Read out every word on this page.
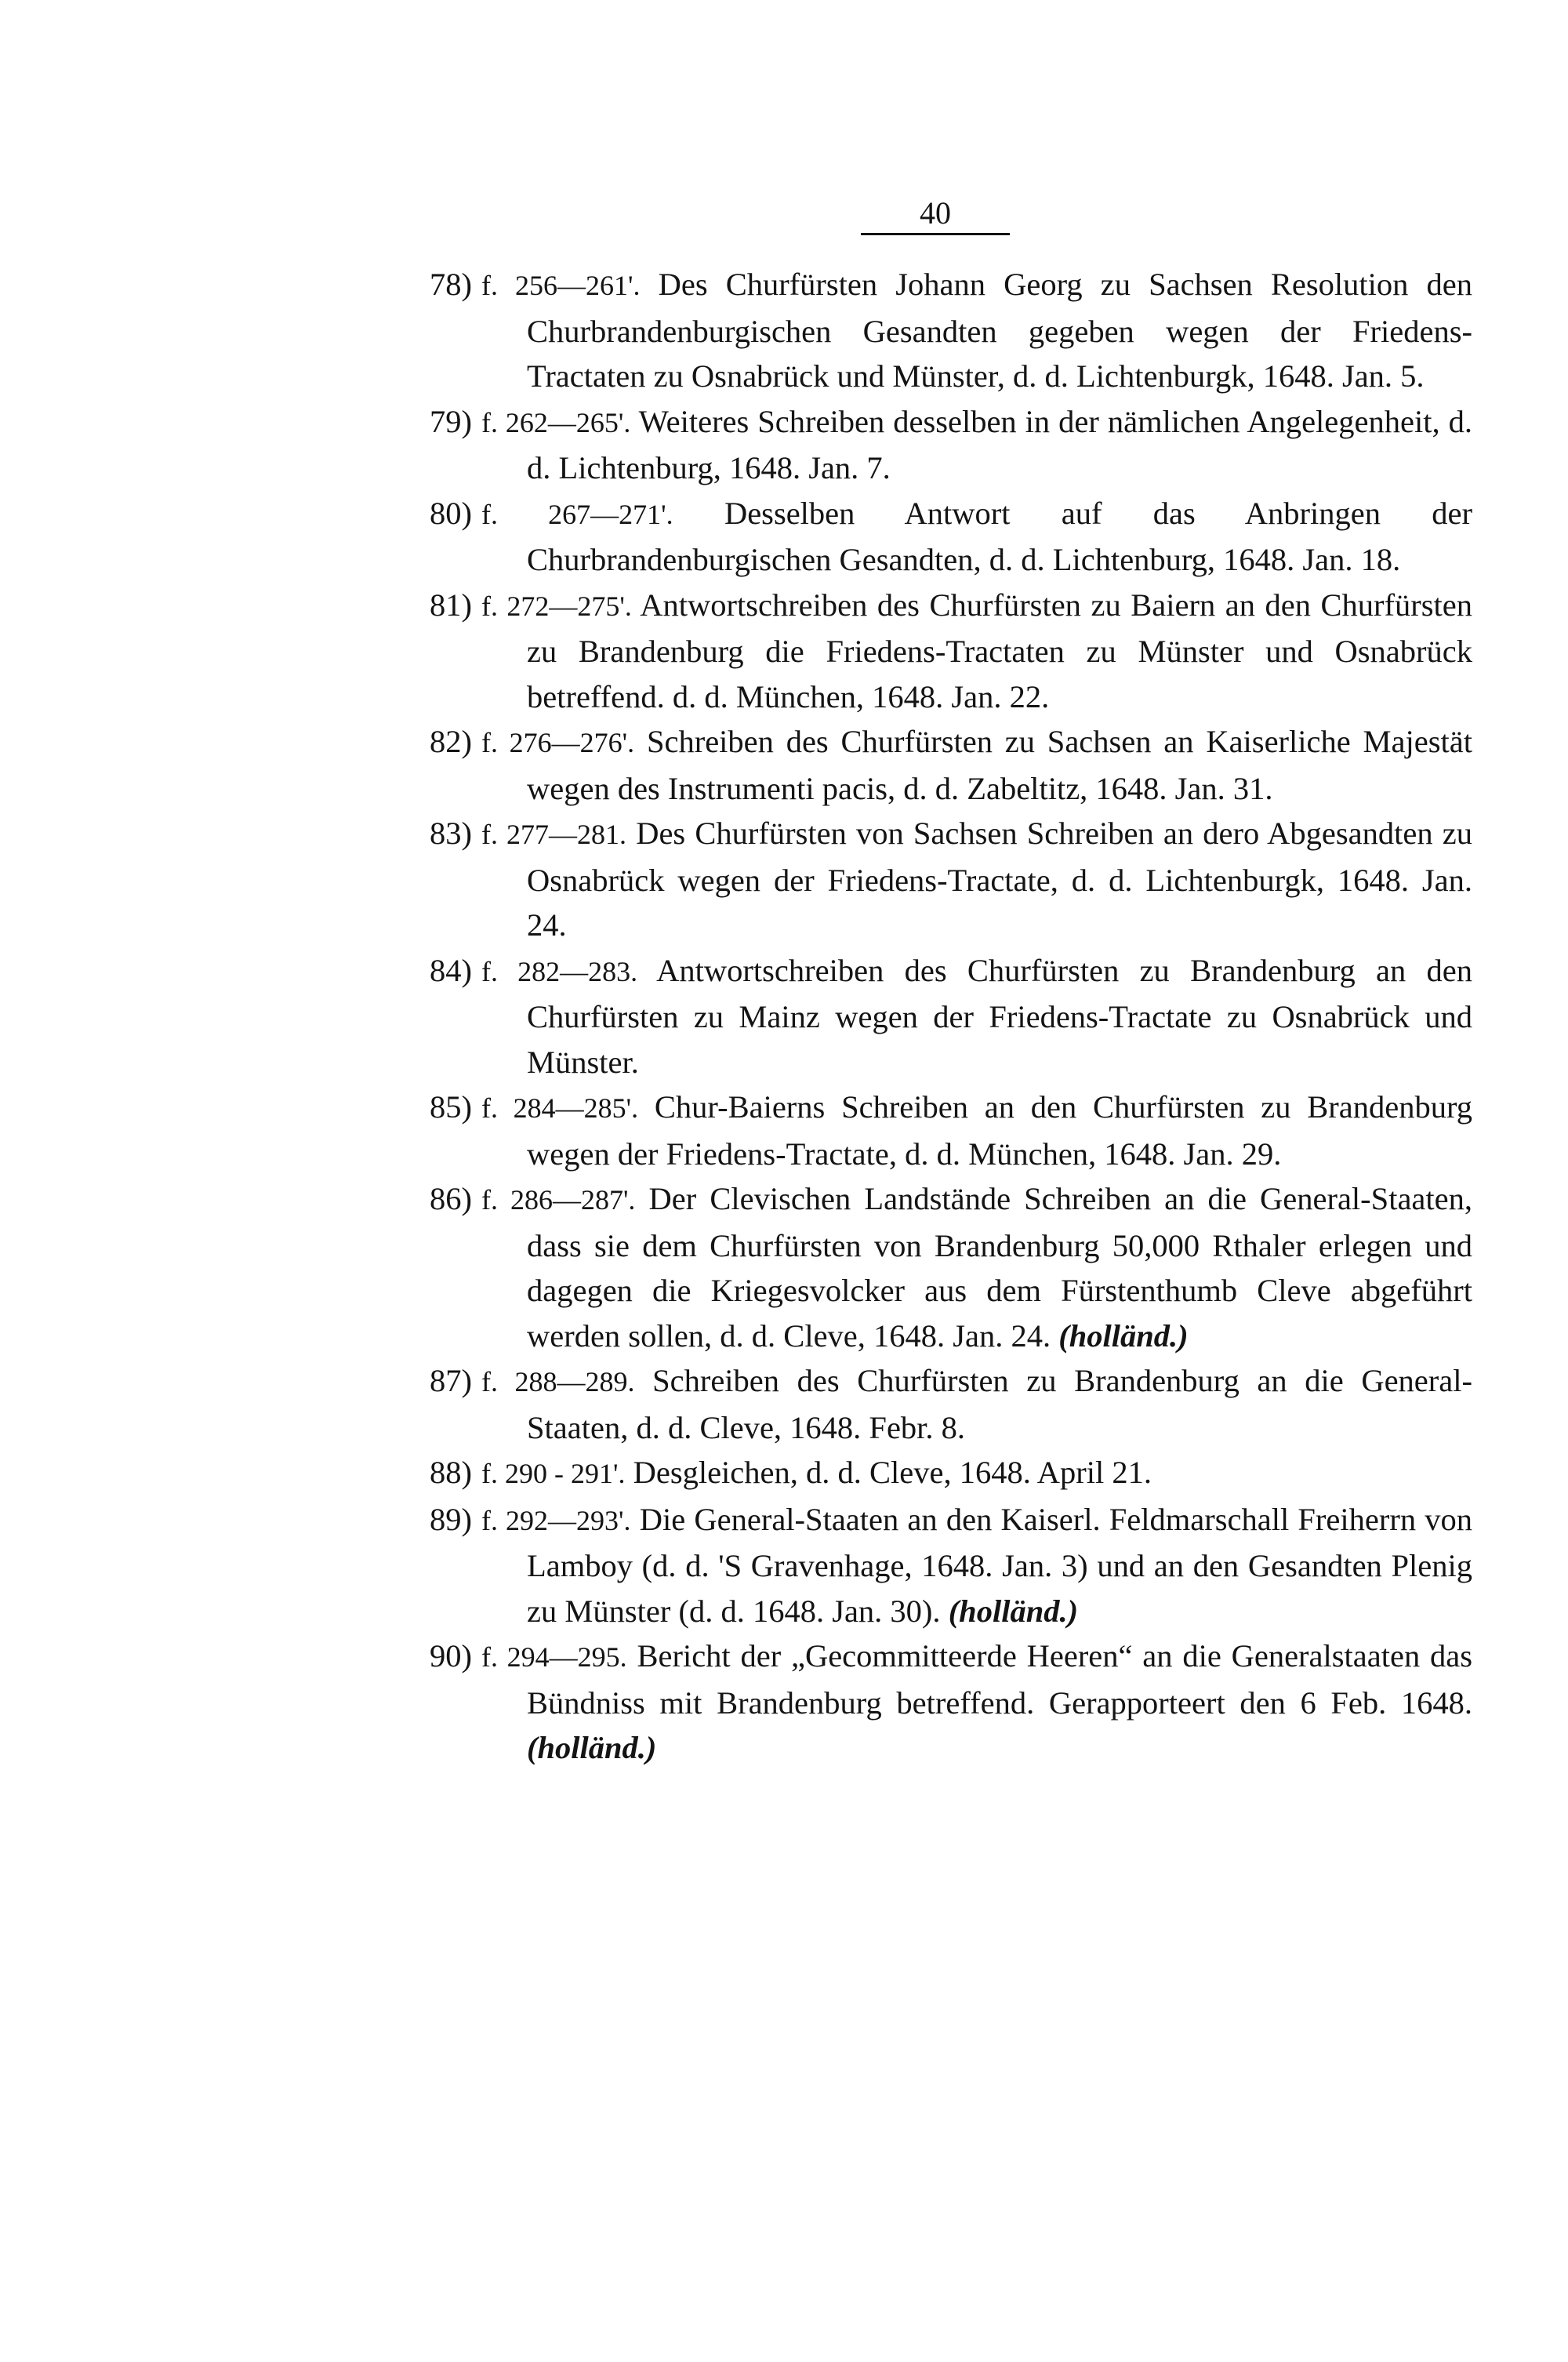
40
78) f. 256—261'. Des Churfürsten Johann Georg zu Sachsen Resolution den Churbrandenburgischen Gesandten gegeben wegen der Friedens-Tractaten zu Osnabrück und Münster, d. d. Lichtenburgk, 1648. Jan. 5.
79) f. 262—265'. Weiteres Schreiben desselben in der nämlichen Angelegenheit, d. d. Lichtenburg, 1648. Jan. 7.
80) f. 267—271'. Desselben Antwort auf das Anbringen der Churbrandenburgischen Gesandten, d. d. Lichtenburg, 1648. Jan. 18.
81) f. 272—275'. Antwortschreiben des Churfürsten zu Baiern an den Churfürsten zu Brandenburg die Friedens-Tractaten zu Münster und Osnabrück betreffend. d. d. München, 1648. Jan. 22.
82) f. 276—276'. Schreiben des Churfürsten zu Sachsen an Kaiserliche Majestät wegen des Instrumenti pacis, d. d. Zabeltitz, 1648. Jan. 31.
83) f. 277—281. Des Churfürsten von Sachsen Schreiben an dero Abgesandten zu Osnabrück wegen der Friedens-Tractate, d. d. Lichtenburgk, 1648. Jan. 24.
84) f. 282—283. Antwortschreiben des Churfürsten zu Brandenburg an den Churfürsten zu Mainz wegen der Friedens-Tractate zu Osnabrück und Münster.
85) f. 284—285'. Chur-Baierns Schreiben an den Churfürsten zu Brandenburg wegen der Friedens-Tractate, d. d. München, 1648. Jan. 29.
86) f. 286—287'. Der Clevischen Landstände Schreiben an die General-Staaten, dass sie dem Churfürsten von Brandenburg 50,000 Rthaler erlegen und dagegen die Kriegesvolcker aus dem Fürstenthumb Cleve abgeführt werden sollen, d. d. Cleve, 1648. Jan. 24. (holländ.)
87) f. 288—289. Schreiben des Churfürsten zu Brandenburg an die General-Staaten, d. d. Cleve, 1648. Febr. 8.
88) f. 290 - 291'. Desgleichen, d. d. Cleve, 1648. April 21.
89) f. 292—293'. Die General-Staaten an den Kaiserl. Feldmarschall Freiherrn von Lamboy (d. d. 'S Gravenhage, 1648. Jan. 3) und an den Gesandten Plenig zu Münster (d. d. 1648. Jan. 30). (holländ.)
90) f. 294—295. Bericht der „Gecommitteerde Heeren“ an die Generalstaaten das Bündniss mit Brandenburg betreffend. Gerapporteert den 6 Feb. 1648. (holländ.)
